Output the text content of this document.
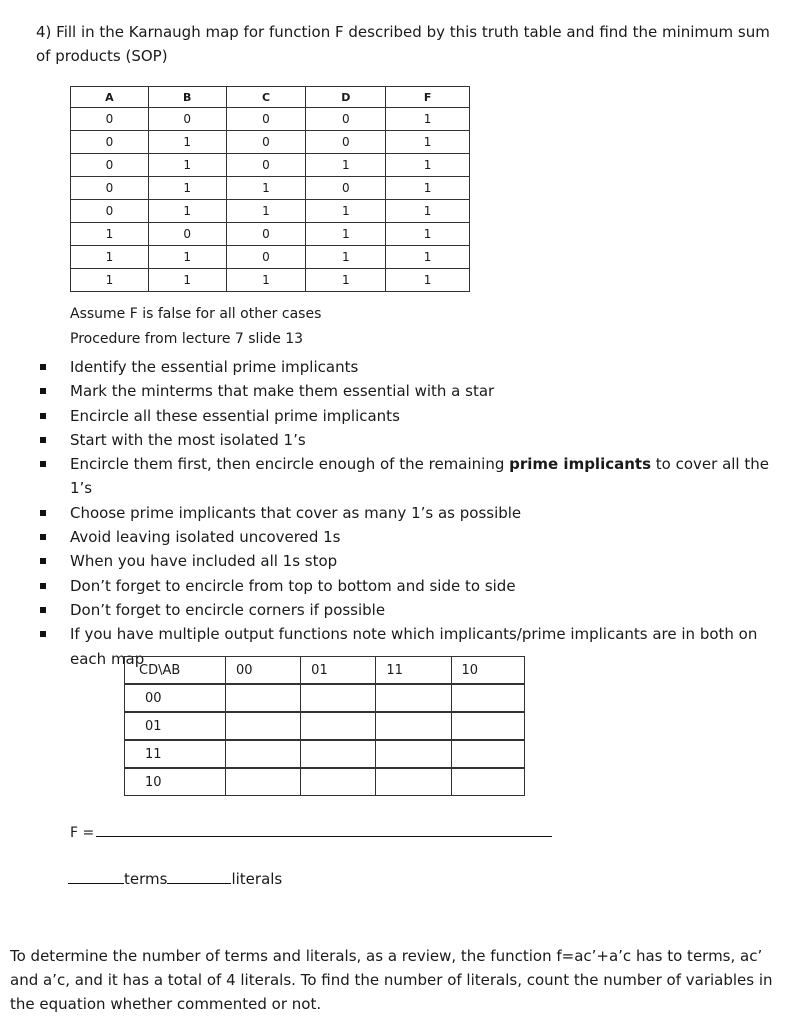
4) Fill in the Karnaugh map for function F described by this truth table and find the minimum sum of products (SOP)
A	B	C	D	F
0	0	0	0	1
0	1	0	0	1
0	1	0	1	1
0	1	1	0	1
0	1	1	1	1
1	0	0	1	1
1	1	0	1	1
1	1	1	1	1
Assume F is false for all other cases
Procedure from lecture 7 slide 13
Identify the essential prime implicants
Mark the minterms that make them essential with a star
Encircle all these essential prime implicants
Start with the most isolated 1’s
Encircle them first, then encircle enough of the remaining prime implicants to cover all the 1’s
Choose prime implicants that cover as many 1’s as possible
Avoid leaving isolated uncovered 1s
When you have included all 1s stop
Don’t forget to encircle from top to bottom and side to side
Don’t forget to encircle corners if possible
If you have multiple output functions note which implicants/prime implicants are in both on each map
CD\AB	00	01	11	10
00				
01				
11				
10				
F =
terms	literals
To determine the number of terms and literals, as a review, the function f=ac’+a’c has to terms, ac’ and a’c, and it has a total of 4 literals. To find the number of literals, count the number of variables in the equation whether commented or not.
